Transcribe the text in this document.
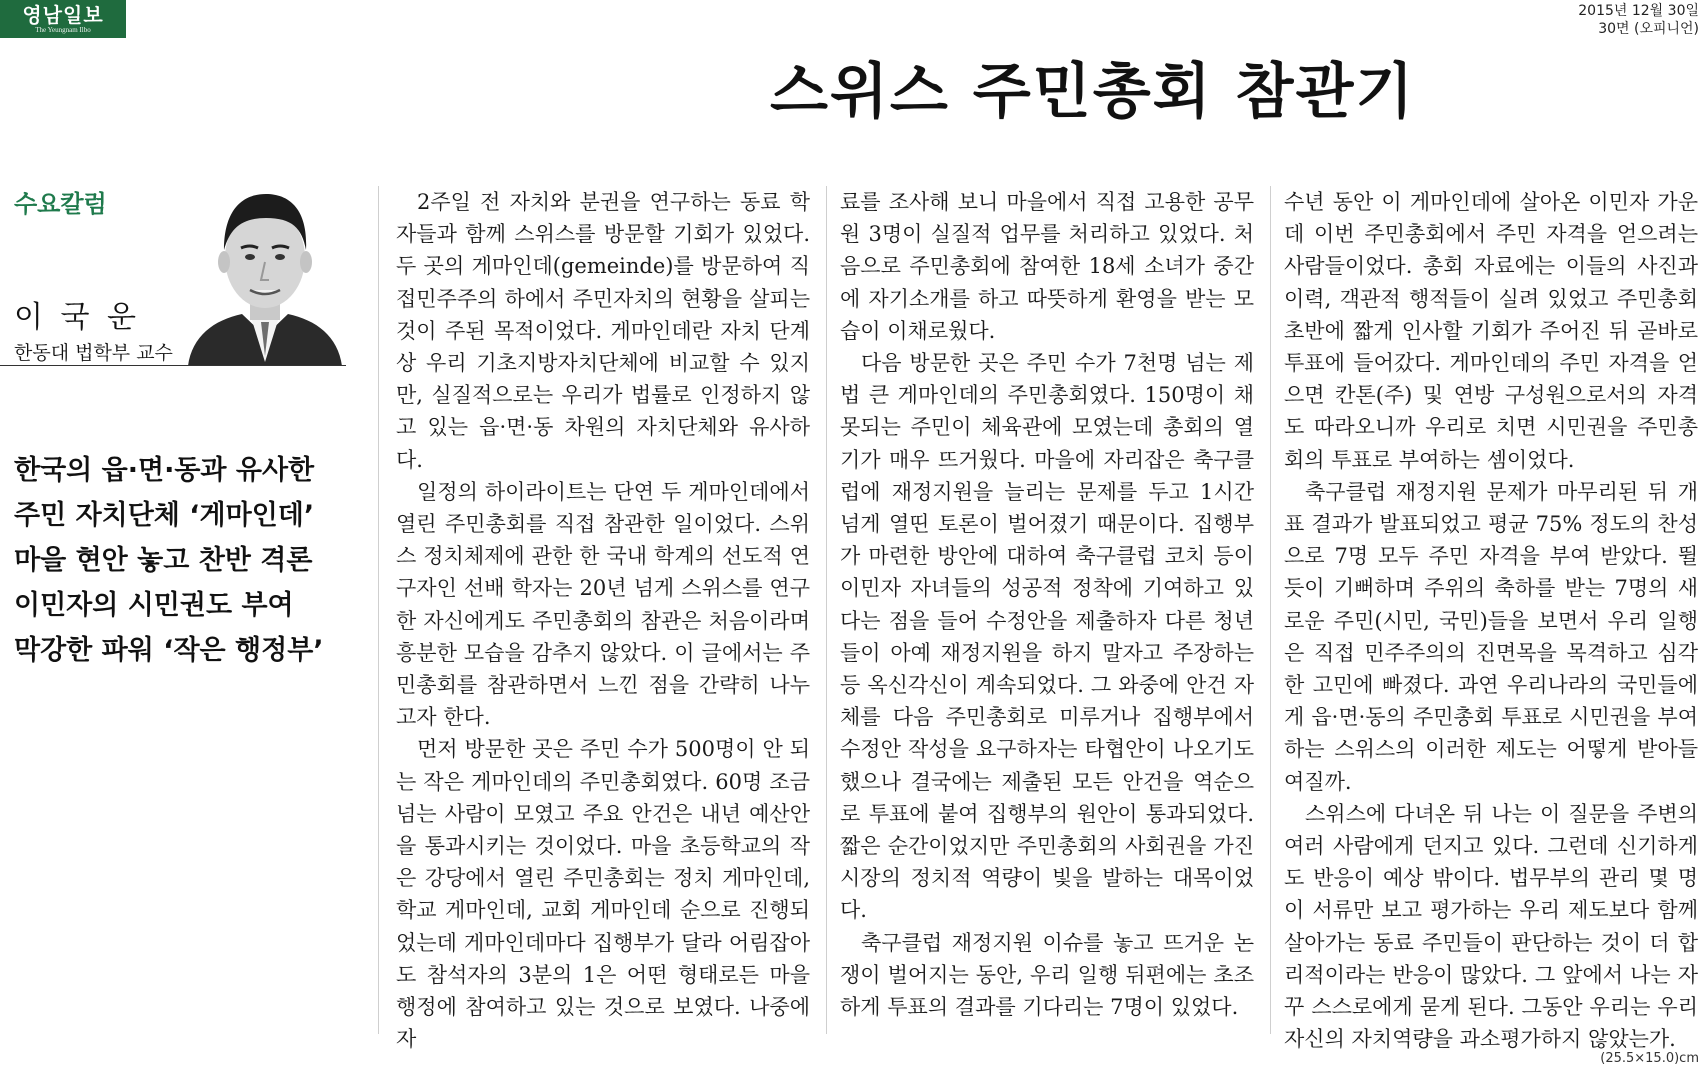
영남일보
The Yeungnam Ilbo
2015년 12월 30일
30면 (오피니언)
스위스 주민총회 참관기
수요칼럼
이 국 운
한동대 법학부 교수
한국의 읍·면·동과 유사한
주민 자치단체 ‘게마인데’
마을 현안 놓고 찬반 격론
이민자의 시민권도 부여
막강한 파워 ‘작은 행정부’

2주일 전 자치와 분권을 연구하는 동료 학자들과 함께 스위스를 방문할 기회가 있었다. 두 곳의 게마인데(gemeinde)를 방문하여 직접민주주의 하에서 주민자치의 현황을 살피는 것이 주된 목적이었다. 게마인데란 자치 단계상 우리 기초지방자치단체에 비교할 수 있지만, 실질적으로는 우리가 법률로 인정하지 않고 있는 읍·면·동 차원의 자치단체와 유사하다.

일정의 하이라이트는 단연 두 게마인데에서 열린 주민총회를 직접 참관한 일이었다. 스위스 정치체제에 관한 한 국내 학계의 선도적 연구자인 선배 학자는 20년 넘게 스위스를 연구한 자신에게도 주민총회의 참관은 처음이라며 흥분한 모습을 감추지 않았다. 이 글에서는 주민총회를 참관하면서 느낀 점을 간략히 나누고자 한다.

먼저 방문한 곳은 주민 수가 500명이 안 되는 작은 게마인데의 주민총회였다. 60명 조금 넘는 사람이 모였고 주요 안건은 내년 예산안을 통과시키는 것이었다. 마을 초등학교의 작은 강당에서 열린 주민총회는 정치 게마인데, 학교 게마인데, 교회 게마인데 순으로 진행되었는데 게마인데마다 집행부가 달라 어림잡아도 참석자의 3분의 1은 어떤 형태로든 마을 행정에 참여하고 있는 것으로 보였다. 나중에 자

료를 조사해 보니 마을에서 직접 고용한 공무원 3명이 실질적 업무를 처리하고 있었다. 처음으로 주민총회에 참여한 18세 소녀가 중간에 자기소개를 하고 따뜻하게 환영을 받는 모습이 이채로웠다.

다음 방문한 곳은 주민 수가 7천명 넘는 제법 큰 게마인데의 주민총회였다. 150명이 채 못되는 주민이 체육관에 모였는데 총회의 열기가 매우 뜨거웠다. 마을에 자리잡은 축구클럽에 재정지원을 늘리는 문제를 두고 1시간 넘게 열띤 토론이 벌어졌기 때문이다. 집행부가 마련한 방안에 대하여 축구클럽 코치 등이 이민자 자녀들의 성공적 정착에 기여하고 있다는 점을 들어 수정안을 제출하자 다른 청년들이 아예 재정지원을 하지 말자고 주장하는 등 옥신각신이 계속되었다. 그 와중에 안건 자체를 다음 주민총회로 미루거나 집행부에서 수정안 작성을 요구하자는 타협안이 나오기도 했으나 결국에는 제출된 모든 안건을 역순으로 투표에 붙여 집행부의 원안이 통과되었다. 짧은 순간이었지만 주민총회의 사회권을 가진 시장의 정치적 역량이 빛을 발하는 대목이었다.

축구클럽 재정지원 이슈를 놓고 뜨거운 논쟁이 벌어지는 동안, 우리 일행 뒤편에는 초조하게 투표의 결과를 기다리는 7명이 있었다.

수년 동안 이 게마인데에 살아온 이민자 가운데 이번 주민총회에서 주민 자격을 얻으려는 사람들이었다. 총회 자료에는 이들의 사진과 이력, 객관적 행적들이 실려 있었고 주민총회 초반에 짧게 인사할 기회가 주어진 뒤 곧바로 투표에 들어갔다. 게마인데의 주민 자격을 얻으면 칸톤(주) 및 연방 구성원으로서의 자격도 따라오니까 우리로 치면 시민권을 주민총회의 투표로 부여하는 셈이었다.

축구클럽 재정지원 문제가 마무리된 뒤 개표 결과가 발표되었고 평균 75% 정도의 찬성으로 7명 모두 주민 자격을 부여 받았다. 뛸 듯이 기뻐하며 주위의 축하를 받는 7명의 새로운 주민(시민, 국민)들을 보면서 우리 일행은 직접 민주주의의 진면목을 목격하고 심각한 고민에 빠졌다. 과연 우리나라의 국민들에게 읍·면·동의 주민총회 투표로 시민권을 부여하는 스위스의 이러한 제도는 어떻게 받아들여질까.

스위스에 다녀온 뒤 나는 이 질문을 주변의 여러 사람에게 던지고 있다. 그런데 신기하게도 반응이 예상 밖이다. 법무부의 관리 몇 명이 서류만 보고 평가하는 우리 제도보다 함께 살아가는 동료 주민들이 판단하는 것이 더 합리적이라는 반응이 많았다. 그 앞에서 나는 자꾸 스스로에게 묻게 된다. 그동안 우리는 우리 자신의 자치역량을 과소평가하지 않았는가.

(25.5×15.0)cm
